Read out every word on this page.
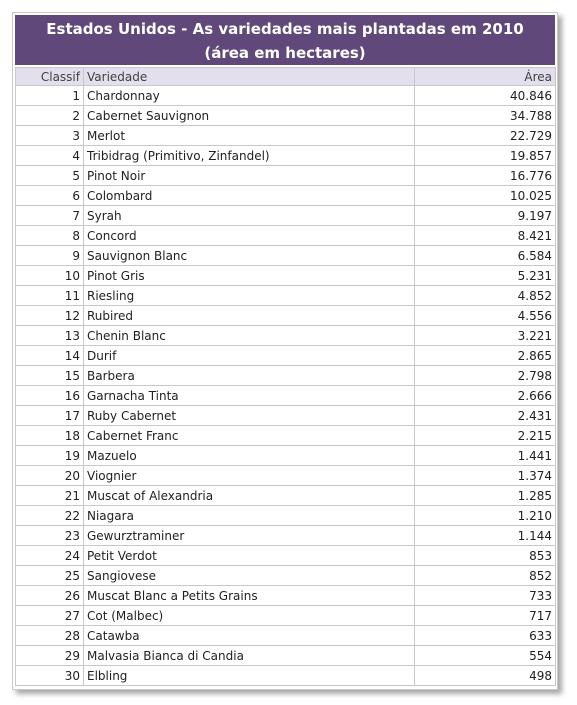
Estados Unidos - As variedades mais plantadas em 2010
(área em hectares)
Classif	Variedade	Área
1	Chardonnay	40.846
2	Cabernet Sauvignon	34.788
3	Merlot	22.729
4	Tribidrag (Primitivo, Zinfandel)	19.857
5	Pinot Noir	16.776
6	Colombard	10.025
7	Syrah	9.197
8	Concord	8.421
9	Sauvignon Blanc	6.584
10	Pinot Gris	5.231
11	Riesling	4.852
12	Rubired	4.556
13	Chenin Blanc	3.221
14	Durif	2.865
15	Barbera	2.798
16	Garnacha Tinta	2.666
17	Ruby Cabernet	2.431
18	Cabernet Franc	2.215
19	Mazuelo	1.441
20	Viognier	1.374
21	Muscat of Alexandria	1.285
22	Niagara	1.210
23	Gewurztraminer	1.144
24	Petit Verdot	853
25	Sangiovese	852
26	Muscat Blanc a Petits Grains	733
27	Cot (Malbec)	717
28	Catawba	633
29	Malvasia Bianca di Candia	554
30	Elbling	498
